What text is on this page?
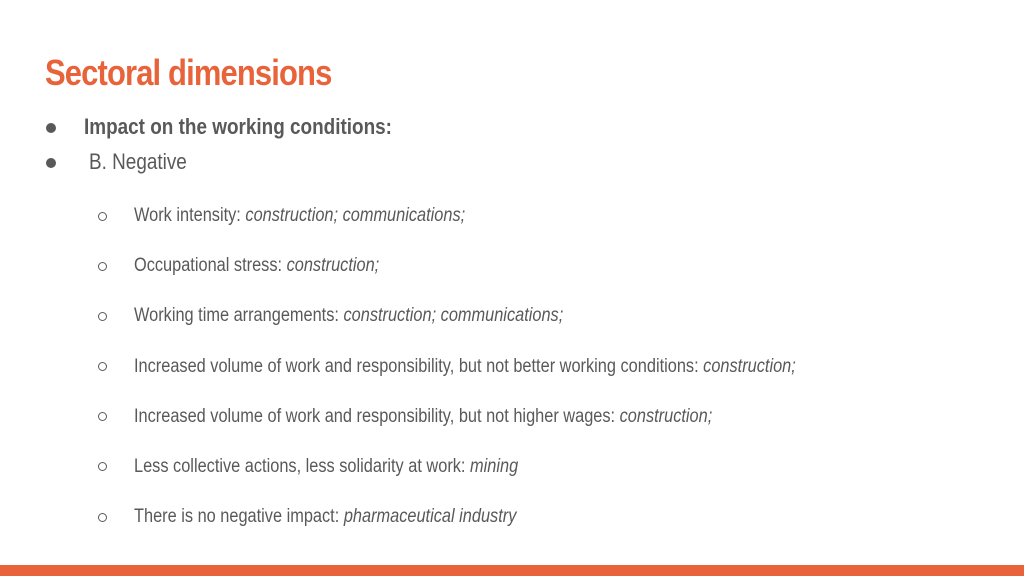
Sectoral dimensions
Impact on the working conditions:
B. Negative
Work intensity: construction; communications;
Occupational stress: construction;
Working time arrangements: construction; communications;
Increased volume of work and responsibility, but not better working conditions: construction;
Increased volume of work and responsibility, but not higher wages: construction;
Less collective actions, less solidarity at work: mining
There is no negative impact: pharmaceutical industry
